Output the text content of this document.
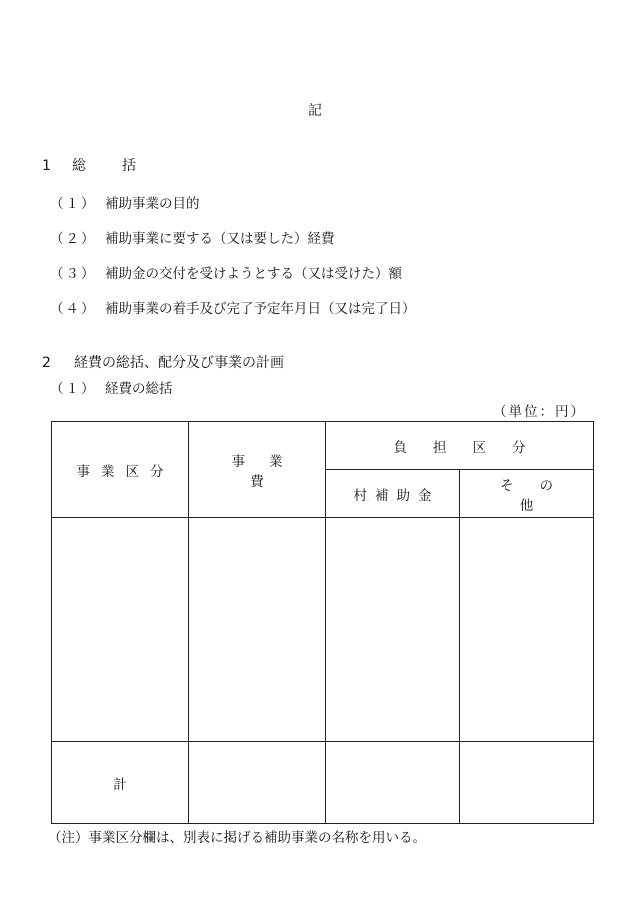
記
1 総	括
（１） 補助事業の目的
（２） 補助事業に要する（又は要した）経費
（３） 補助金の交付を受けようとする（又は受けた）額
（４） 補助事業の着手及び完了予定年月日（又は完了日）
2 経費の総括、配分及び事業の計画
（１） 経費の総括
（単位：円）
事業区分	事業費	負担区分	
		村補助金	その他

計			
（注）事業区分欄は、別表に掲げる補助事業の名称を用いる。
